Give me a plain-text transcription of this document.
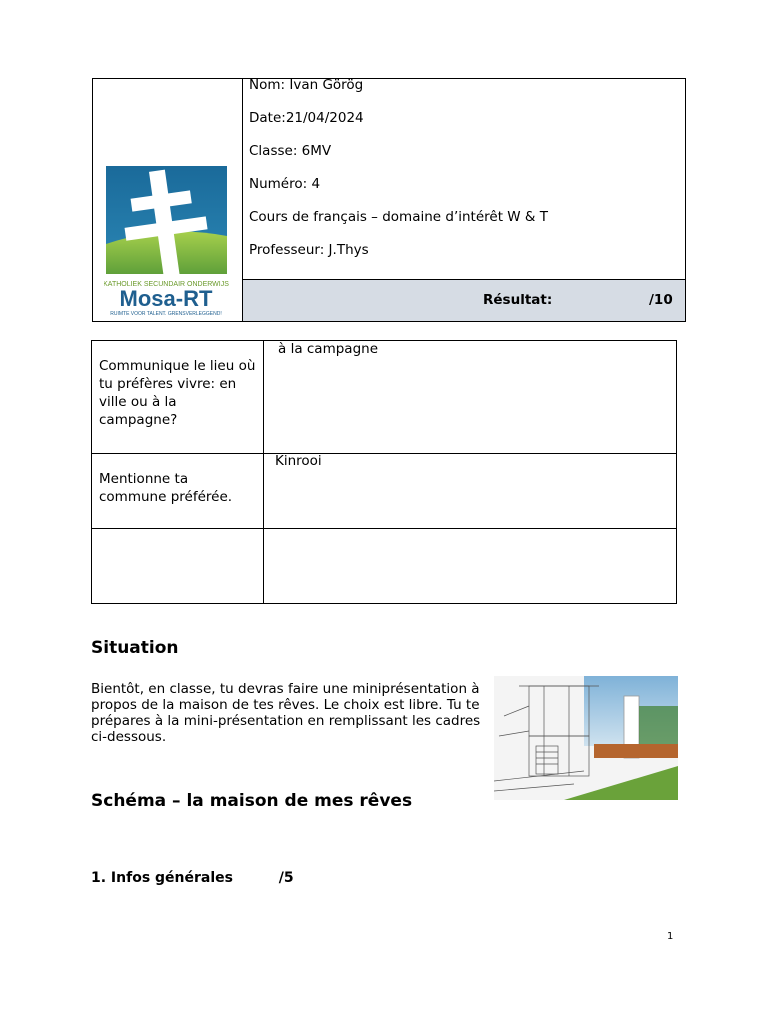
KATHOLIEK SECUNDAIR ONDERWIJS
Mosa-RT
RUIMTE VOOR TALENT. GRENSVERLEGGEND!
Nom: Ivan Görög
Date:21/04/2024
Classe: 6MV
Numéro: 4
Cours de français – domaine d’intérêt W & T
Professeur: J.Thys
Résultat:	/10
Communique le lieu où tu préfères vivre: en ville ou à la campagne?
à la campagne
Mentionne ta commune préférée.
Kinrooi
Situation
Bientôt, en classe, tu devras faire une miniprésentation à propos de la maison de tes rêves. Le choix est libre. Tu te prépares à la mini-présentation en remplissant les cadres ci-dessous.
Schéma – la maison de mes rêves
1. Infos générales	/5
1
